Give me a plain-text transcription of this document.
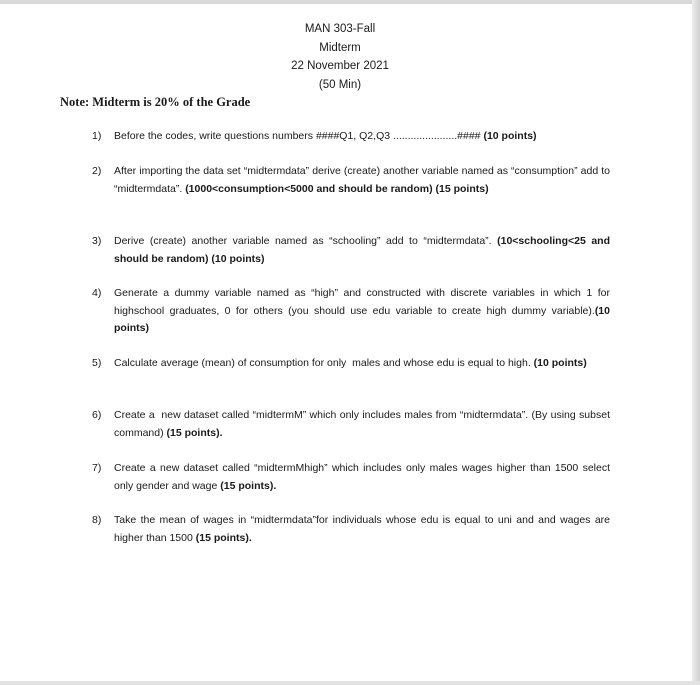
MAN 303-Fall
Midterm
22 November 2021
(50 Min)
Note: Midterm is 20% of the Grade
1)	Before the codes, write questions numbers ####Q1, Q2,Q3 ......................#### (10 points)
2)	After importing the data set “midtermdata” derive (create) another variable named as “consumption” add to “midtermdata”. (1000<consumption<5000 and should be random) (15 points)
3)	Derive (create) another variable named as “schooling” add to “midtermdata”. (10<schooling<25 and should be random) (10 points)
4)	Generate a dummy variable named as “high” and constructed with discrete variables in which 1 for highschool graduates, 0 for others (you should use edu variable to create high dummy variable).(10 points)
5)	Calculate average (mean) of consumption for only  males and whose edu is equal to high. (10 points)
6)	Create a  new dataset called “midtermM” which only includes males from “midtermdata”. (By using subset command) (15 points).
7)	Create a new dataset called “midtermMhigh” which includes only males wages higher than 1500 select only gender and wage (15 points).
8)	Take the mean of wages in “midtermdata”for individuals whose edu is equal to uni and and wages are higher than 1500 (15 points).
